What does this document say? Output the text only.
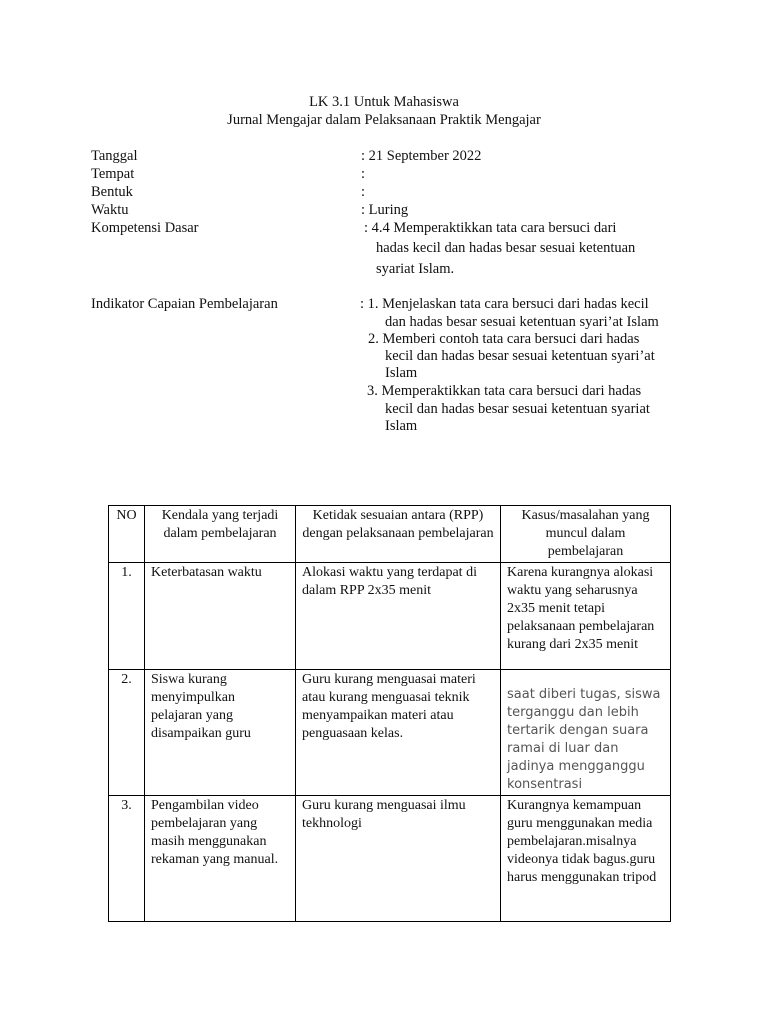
LK 3.1 Untuk Mahasiswa
Jurnal Mengajar dalam Pelaksanaan Praktik Mengajar
Tanggal	: 21 September 2022
Tempat	:
Bentuk	:
Waktu	: Luring
Kompetensi Dasar	: 4.4 Memperaktikkan tata cara bersuci dari
hadas kecil dan hadas besar sesuai ketentuan
syariat Islam.
Indikator Capaian Pembelajaran	: 1. Menjelaskan tata cara bersuci dari hadas kecil
dan hadas besar sesuai ketentuan syari’at Islam
2. Memberi contoh tata cara bersuci dari hadas
kecil dan hadas besar sesuai ketentuan syari’at
Islam
3. Memperaktikkan tata cara bersuci dari hadas
kecil dan hadas besar sesuai ketentuan syariat
Islam
NO	Kendala yang terjadi dalam pembelajaran	Ketidak sesuaian antara (RPP) dengan pelaksanaan pembelajaran	Kasus/masalahan yang muncul dalam pembelajaran
1.	Keterbatasan waktu	Alokasi waktu yang terdapat di dalam RPP 2x35 menit	Karena kurangnya alokasi waktu yang seharusnya 2x35 menit tetapi pelaksanaan pembelajaran kurang dari 2x35 menit
2.	Siswa kurang menyimpulkan pelajaran yang disampaikan guru	Guru kurang menguasai materi atau kurang menguasai teknik menyampaikan materi atau penguasaan kelas.	saat diberi tugas, siswa terganggu dan lebih tertarik dengan suara ramai di luar dan jadinya mengganggu konsentrasi

3.	Pengambilan video pembelajaran yang masih menggunakan rekaman yang manual.	Guru kurang menguasai ilmu tekhnologi	Kurangnya kemampuan guru menggunakan media pembelajaran.misalnya videonya tidak bagus.guru harus menggunakan tripod
